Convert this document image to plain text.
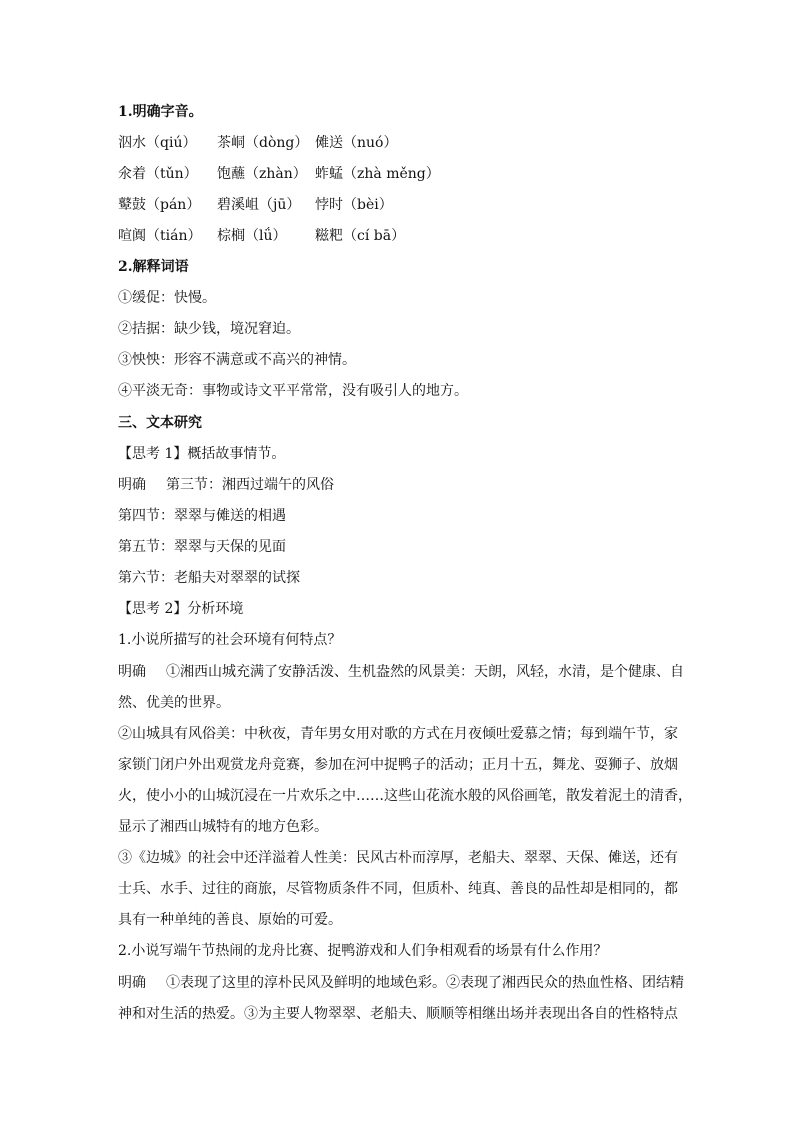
1.明确字音。
泅水（qiú）	茶峒（dòng） 傩送（nuó）
氽着（tǔn）	饱蘸（zhàn） 蚱蜢（zhà měng）
鼙鼓（pán）	碧溪岨（jū）	悖时（bèi）
喧阗（tián）	棕榈（lǘ）	糍粑（cí bā）
2.解释词语
①缓促：快慢。
②拮据：缺少钱，境况窘迫。
③怏怏：形容不满意或不高兴的神情。
④平淡无奇：事物或诗文平平常常，没有吸引人的地方。
三、文本研究
【思考 1】概括故事情节。
明确 第三节：湘西过端午的风俗
第四节：翠翠与傩送的相遇
第五节：翠翠与天保的见面
第六节：老船夫对翠翠的试探
【思考 2】分析环境
1.小说所描写的社会环境有何特点？
明确 ①湘西山城充满了安静活泼、生机盎然的风景美：天朗，风轻，水清，是个健康、自
然、优美的世界。
②山城具有风俗美：中秋夜，青年男女用对歌的方式在月夜倾吐爱慕之情；每到端午节，家
家锁门闭户外出观赏龙舟竞赛，参加在河中捉鸭子的活动；正月十五，舞龙、耍狮子、放烟
火，使小小的山城沉浸在一片欢乐之中……这些山花流水般的风俗画笔，散发着泥土的清香，
显示了湘西山城特有的地方色彩。
③《边城》的社会中还洋溢着人性美：民风古朴而淳厚，老船夫、翠翠、天保、傩送，还有
士兵、水手、过往的商旅，尽管物质条件不同，但质朴、纯真、善良的品性却是相同的，都
具有一种单纯的善良、原始的可爱。
2.小说写端午节热闹的龙舟比赛、捉鸭游戏和人们争相观看的场景有什么作用？
明确 ①表现了这里的淳朴民风及鲜明的地域色彩。②表现了湘西民众的热血性格、团结精
神和对生活的热爱。③为主要人物翠翠、老船夫、顺顺等相继出场并表现出各自的性格特点
